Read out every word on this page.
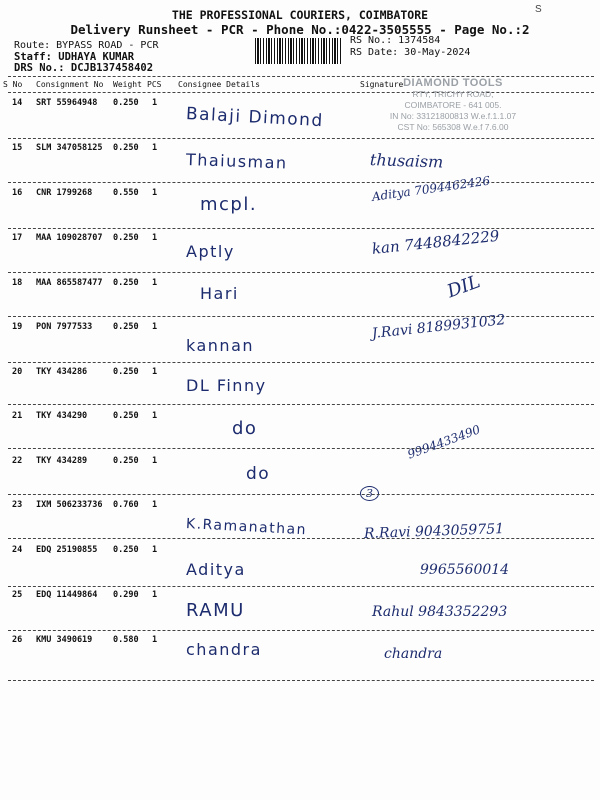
S
THE PROFESSIONAL COURIERS, COIMBATORE
Delivery Runsheet - PCR - Phone No.:0422-3505555 - Page No.:2
Route: BYPASS ROAD - PCR
Staff: UDHAYA KUMAR
DRS No.: DCJB137458402
RS No.: 1374584
RS Date: 30-May-2024
S No Consignment No Weight PCS Consignee Details	Signature DIAMOND TOOLS
RTY, TRICHY ROAD,
COIMBATORE - 641 005.
IN No: 33121800813 W.e.f.1.1.07
CST No: 565308 W.e.f 7.6.00
14 SRT 55964948 0.250 1
Balaji Dimond
15 SLM 347058125 0.250 1
Thaiusman	thusaism
16 CNR 1799268 0.550 1
mcpl.
Aditya 7094462426
17 MAA 109028707 0.250 1
Aptly	kan 7448842229
18 MAA 865587477 0.250 1
Hari	DIL
19 PON 7977533 0.250 1
kannan
J.Ravi 8189931032
20 TKY 434286	0.250 1
DL Finny
21 TKY 434290	0.250 1
do
22 TKY 434289	0.250 1
do
9994433490
3
23 IXM 506233736 0.760 1
K.Ramanathan	R.Ravi 9043059751
24 EDQ 25190855 0.250 1
Aditya	9965560014
25 EDQ 11449864 0.290 1
RAMU	Rahul 9843352293
26 KMU 3490619 0.580 1 chandra	chandra
